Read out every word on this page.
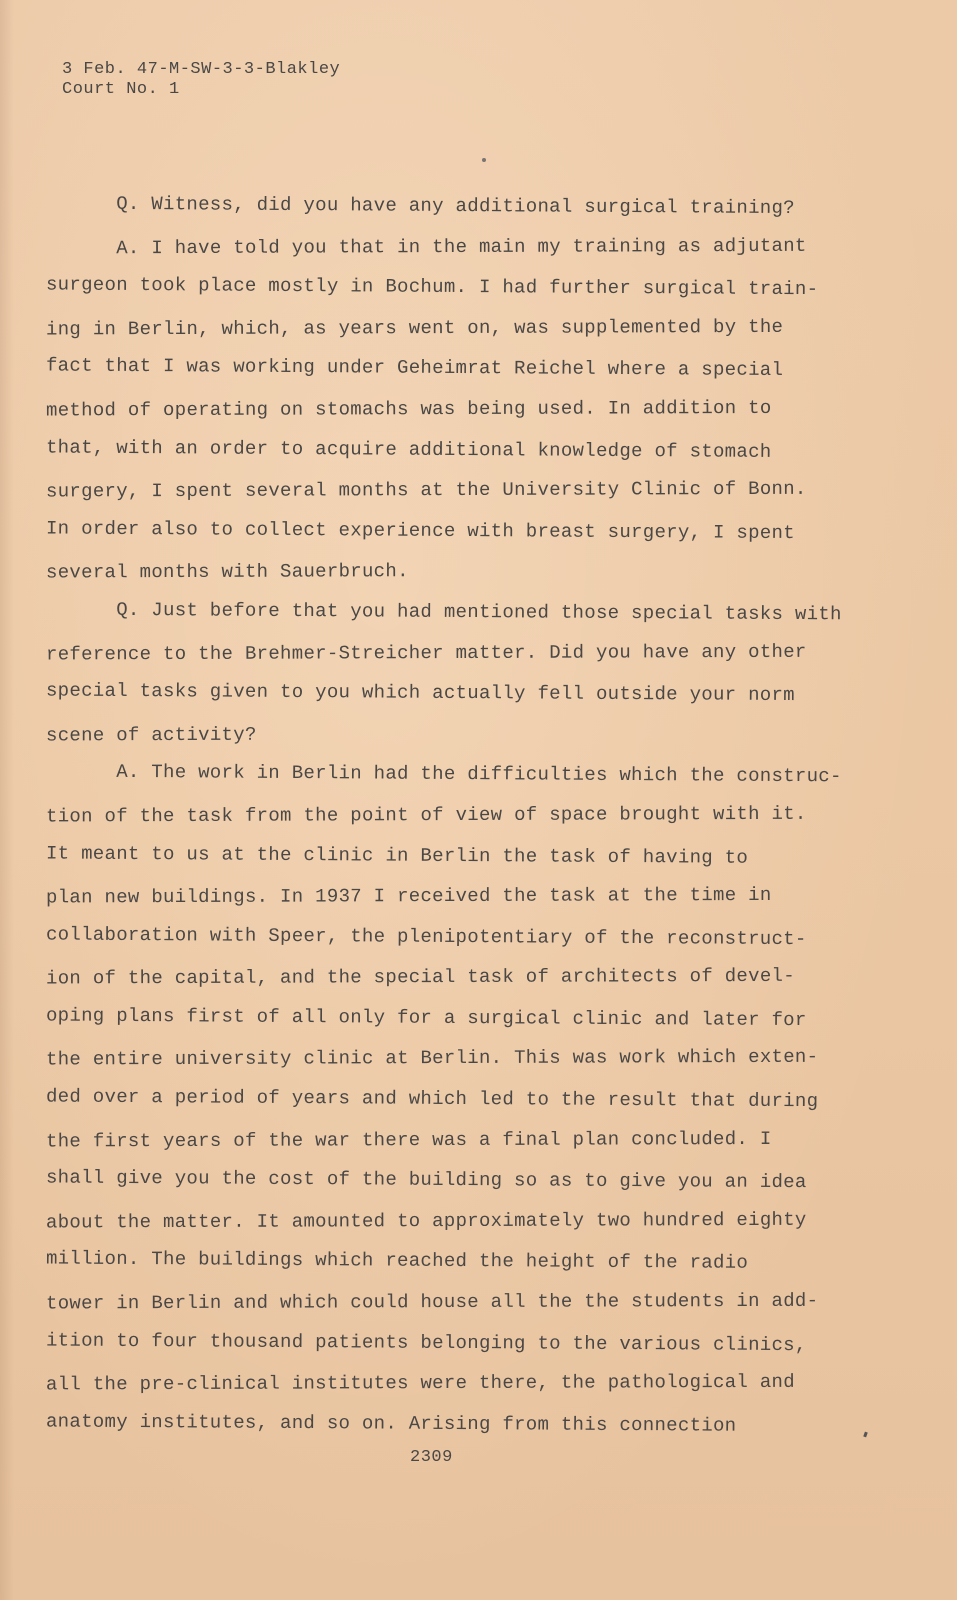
3 Feb. 47-M-SW-3-3-Blakley
Court No. 1
Q. Witness, did you have any additional surgical training?
A. I have told you that in the main my training as adjutant
surgeon took place mostly in Bochum. I had further surgical train-
ing in Berlin, which, as years went on, was supplemented by the
fact that I was working under Geheimrat Reichel where a special
method of operating on stomachs was being used. In addition to
that, with an order to acquire additional knowledge of stomach
surgery, I spent several months at the University Clinic of Bonn.
In order also to collect experience with breast surgery, I spent
several months with Sauerbruch.
Q. Just before that you had mentioned those special tasks with
reference to the Brehmer-Streicher matter. Did you have any other
special tasks given to you which actually fell outside your norm
scene of activity?
A. The work in Berlin had the difficulties which the construc-
tion of the task from the point of view of space brought with it.
It meant to us at the clinic in Berlin the task of having to
plan new buildings. In 1937 I received the task at the time in
collaboration with Speer, the plenipotentiary of the reconstruct-
ion of the capital, and the special task of architects of devel-
oping plans first of all only for a surgical clinic and later for
the entire university clinic at Berlin. This was work which exten-
ded over a period of years and which led to the result that during
the first years of the war there was a final plan concluded. I
shall give you the cost of the building so as to give you an idea
about the matter. It amounted to approximately two hundred eighty
million. The buildings which reached the height of the radio
tower in Berlin and which could house all the the students in add-
ition to four thousand patients belonging to the various clinics,
all the pre-clinical institutes were there, the pathological and
anatomy institutes, and so on. Arising from this connection
2309
